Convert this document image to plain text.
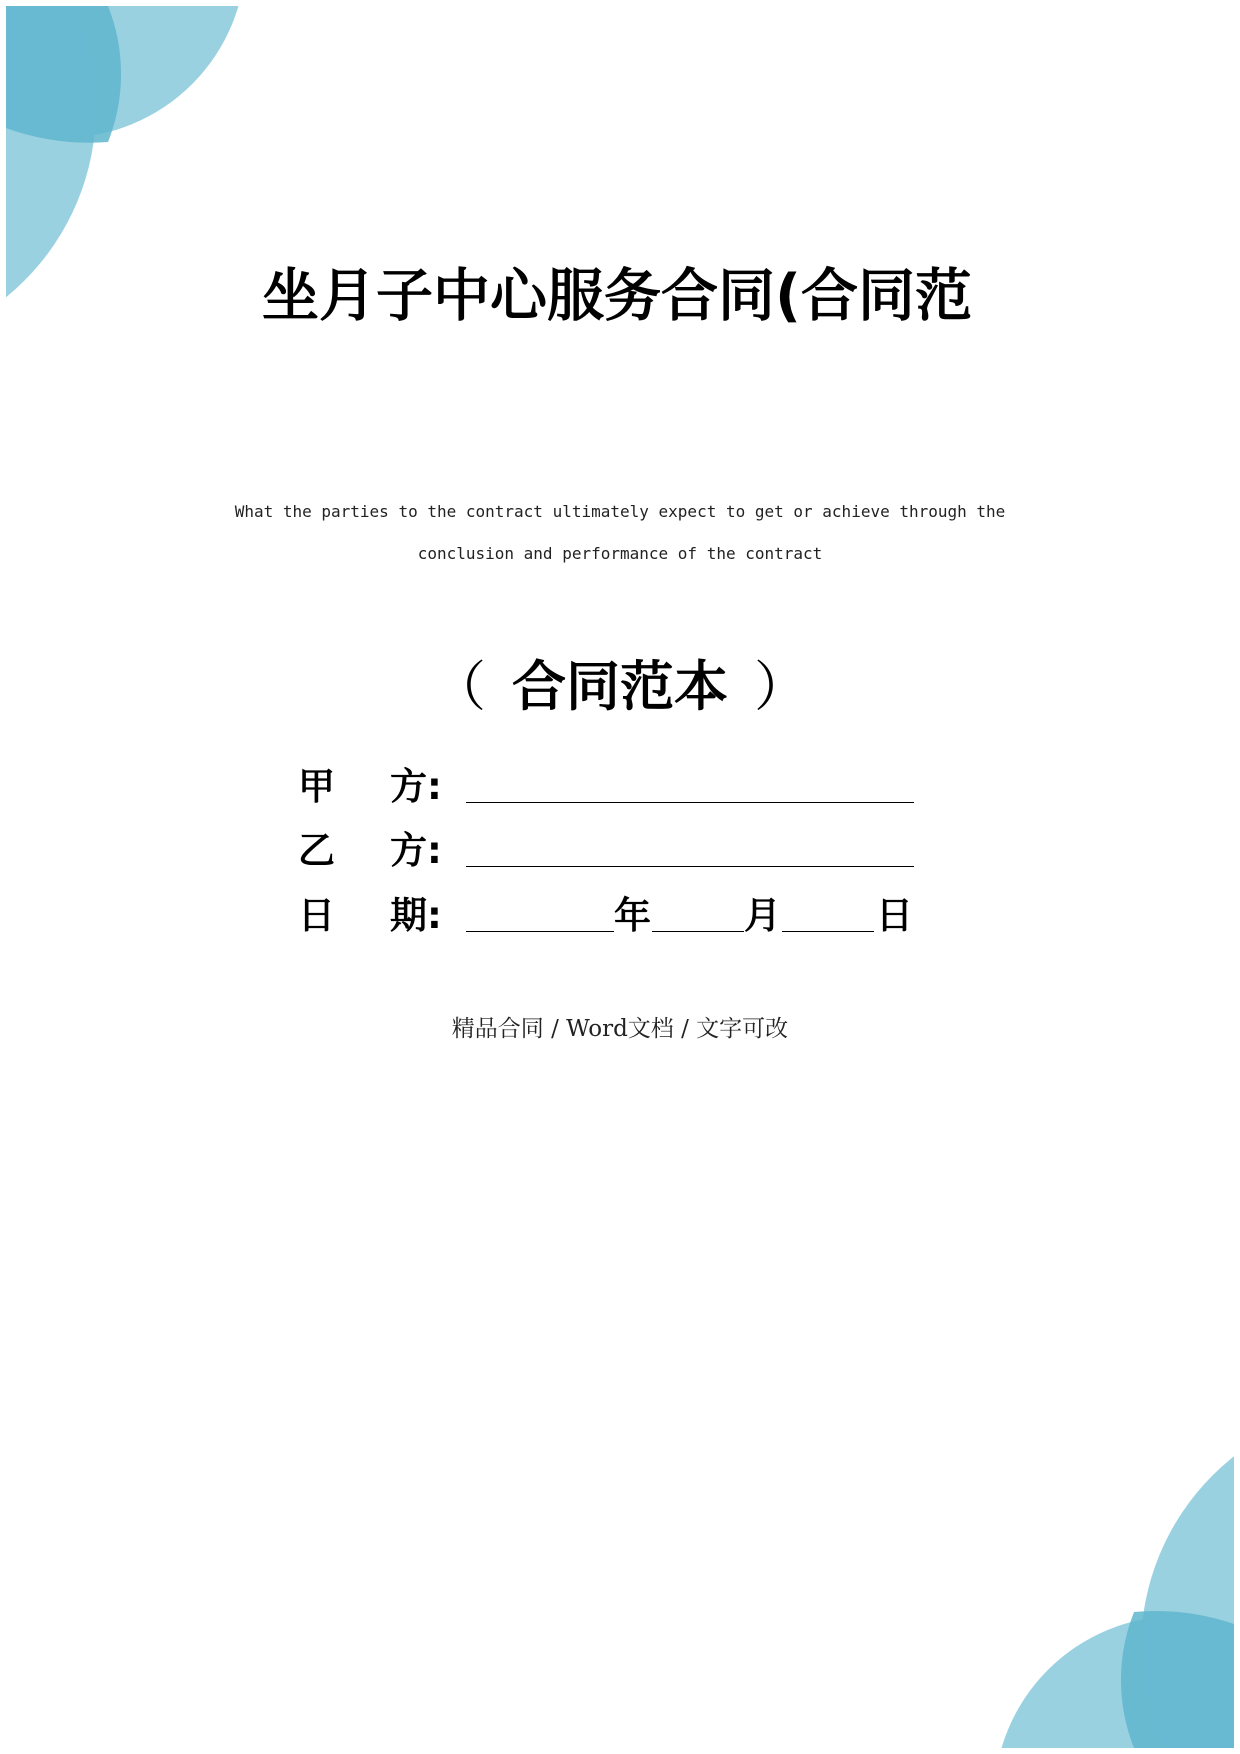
坐月子中心服务合同(合同范
What the parties to the contract ultimately expect to get or achieve through the
conclusion and performance of the contract
（ 合同范本 ）
甲 方:
乙 方:
日 期:	年	月	日
精品合同 / Word文档 / 文字可改
